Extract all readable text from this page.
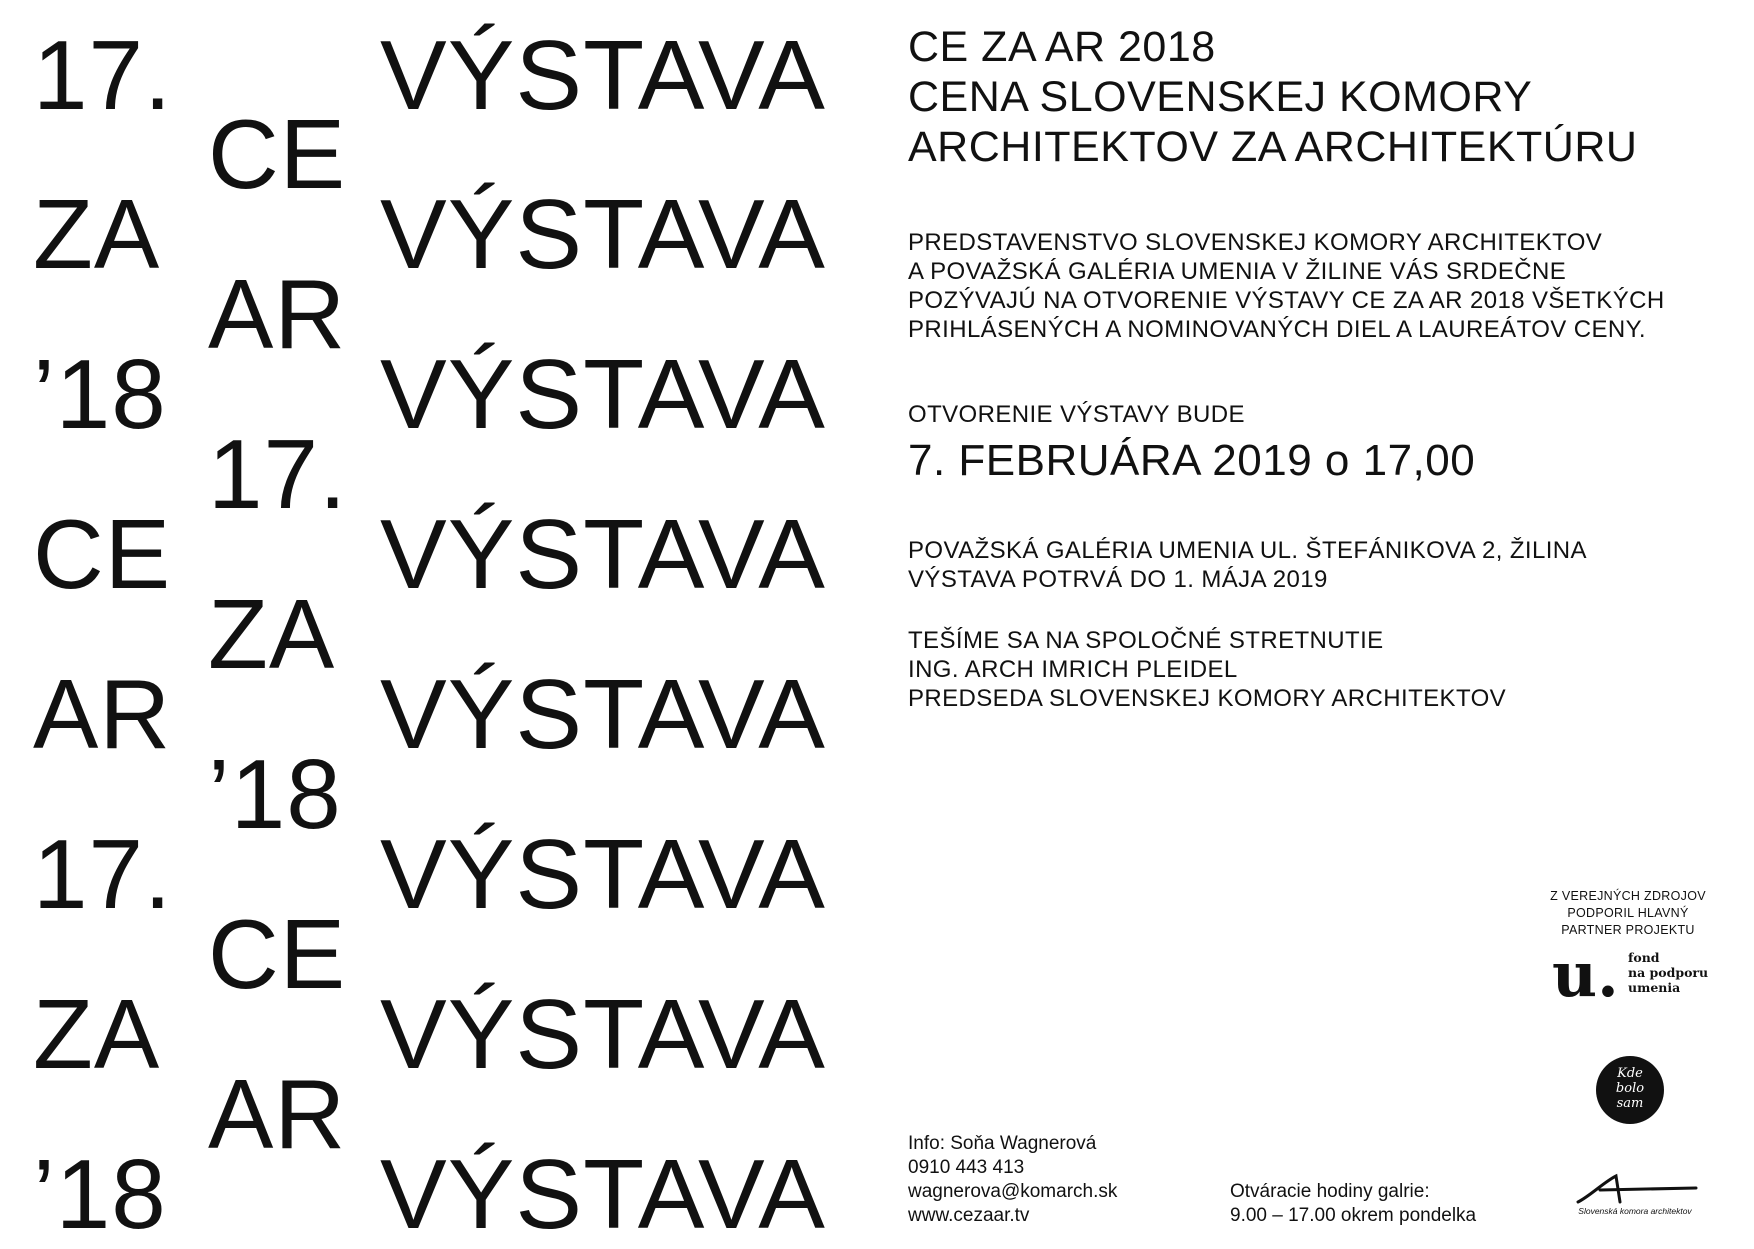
17.
ZA
’18
CE
AR
17.
ZA
’18
CE
AR
17.
ZA
’18
CE
AR
VÝSTAVA
VÝSTAVA
VÝSTAVA
VÝSTAVA
VÝSTAVA
VÝSTAVA
VÝSTAVA
VÝSTAVA
CE ZA AR 2018
CENA SLOVENSKEJ KOMORY
ARCHITEKTOV ZA ARCHITEKTÚRU
PREDSTAVENSTVO SLOVENSKEJ KOMORY ARCHITEKTOV
A POVAŽSKÁ GALÉRIA UMENIA V ŽILINE VÁS SRDEČNE
POZÝVAJÚ NA OTVORENIE VÝSTAVY CE ZA AR 2018 VŠETKÝCH
PRIHLÁSENÝCH A NOMINOVANÝCH DIEL A LAUREÁTOV CENY.
OTVORENIE VÝSTAVY BUDE
7. FEBRUÁRA 2019 o 17,00
POVAŽSKÁ GALÉRIA UMENIA UL. ŠTEFÁNIKOVA 2, ŽILINA
VÝSTAVA POTRVÁ DO 1. MÁJA 2019
TEŠÍME SA NA SPOLOČNÉ STRETNUTIE
ING. ARCH IMRICH PLEIDEL
PREDSEDA SLOVENSKEJ KOMORY ARCHITEKTOV
Info: Soňa Wagnerová
0910 443 413
wagnerova@komarch.sk
www.cezaar.tv
Otváracie hodiny galrie:
9.00 – 17.00 okrem pondelka
Z VEREJNÝCH ZDROJOV
PODPORIL HLAVNÝ
PARTNER PROJEKTU
u. fond
na podporu
umenia
Kde
bolo
sam
Slovenská komora architektov
